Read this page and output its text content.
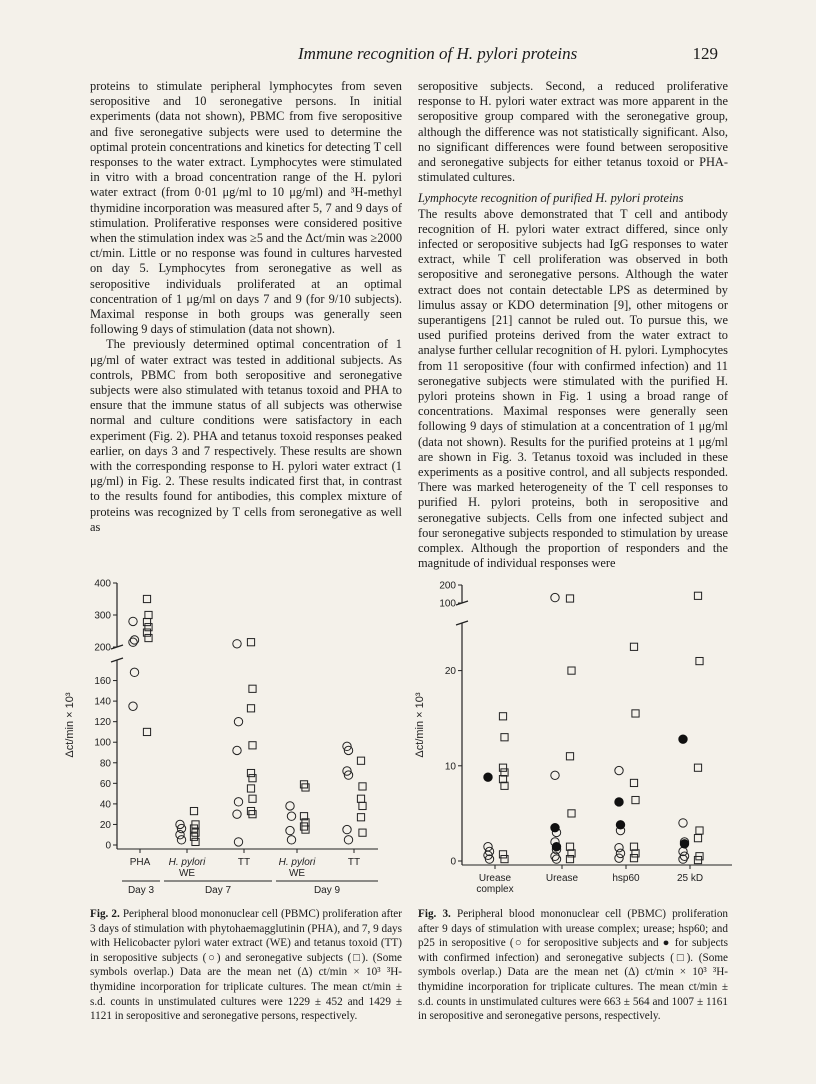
Immune recognition of H. pylori proteins	129

proteins to stimulate peripheral lymphocytes from seven seropositive and 10 seronegative persons. In initial experiments (data not shown), PBMC from five seropositive and five seronegative subjects were used to determine the optimal protein concentrations and kinetics for detecting T cell responses to the water extract. Lymphocytes were stimulated in vitro with a broad concentration range of the H. pylori water extract (from 0·01 μg/ml to 10 μg/ml) and ³H-methyl thymidine incorporation was measured after 5, 7 and 9 days of stimulation. Proliferative responses were considered positive when the stimulation index was ≥5 and the Δct/min was ≥2000 ct/min. Little or no response was found in cultures harvested on day 5. Lymphocytes from seronegative as well as seropositive individuals proliferated at an optimal concentration of 1 μg/ml on days 7 and 9 (for 9/10 subjects). Maximal response in both groups was generally seen following 9 days of stimulation (data not shown).

The previously determined optimal concentration of 1 μg/ml of water extract was tested in additional subjects. As controls, PBMC from both seropositive and seronegative subjects were also stimulated with tetanus toxoid and PHA to ensure that the immune status of all subjects was otherwise normal and culture conditions were satisfactory in each experiment (Fig. 2). PHA and tetanus toxoid responses peaked earlier, on days 3 and 7 respectively. These results are shown with the corresponding response to H. pylori water extract (1 μg/ml) in Fig. 2. These results indicated first that, in contrast to the results found for antibodies, this complex mixture of proteins was recognized by T cells from seronegative as well as

seropositive subjects. Second, a reduced proliferative response to H. pylori water extract was more apparent in the seropositive group compared with the seronegative group, although the difference was not statistically significant. Also, no significant differences were found between seropositive and seronegative subjects for either tetanus toxoid or PHA-stimulated cultures.

Lymphocyte recognition of purified H. pylori proteins

The results above demonstrated that T cell and antibody recognition of H. pylori water extract differed, since only infected or seropositive subjects had IgG responses to water extract, while T cell proliferation was observed in both seropositive and seronegative persons. Although the water extract does not contain detectable LPS as determined by limulus assay or KDO determination [9], other mitogens or superantigens [21] cannot be ruled out. To pursue this, we used purified proteins derived from the water extract to analyse further cellular recognition of H. pylori. Lymphocytes from 11 seropositive (four with confirmed infection) and 11 seronegative subjects were stimulated with the purified H. pylori proteins shown in Fig. 1 using a broad range of concentrations. Maximal responses were generally seen following 9 days of stimulation at a concentration of 1 μg/ml (data not shown). Results for the purified proteins at 1 μg/ml are shown in Fig. 3. Tetanus toxoid was included in these experiments as a positive control, and all subjects responded. There was marked heterogeneity of the T cell responses to purified H. pylori proteins, both in seropositive and seronegative subjects. Cells from one infected subject and four seronegative subjects responded to stimulation by urease complex. Although the proportion of responders and the magnitude of individual responses were

0
20
40
60
80
100
120
140
160
200
300
400
Δct/min × 10³
PHA H. pylori
WE
TT	H. pylori
WE
TT
Day 3	Day 7	Day 9
0
10
20
100
200
Δct/min × 10³
Urease
complex
Urease	hsp60	25 kD
Fig. 2. Peripheral blood mononuclear cell (PBMC) proliferation after 3 days of stimulation with phytohaemagglutinin (PHA), and 7, 9 days with Helicobacter pylori water extract (WE) and tetanus toxoid (TT) in seropositive subjects (○) and seronegative subjects (□). (Some symbols overlap.) Data are the mean net (Δ) ct/min × 10³ ³H-thymidine incorporation for triplicate cultures. The mean ct/min ± s.d. counts in unstimulated cultures were 1229 ± 452 and 1429 ± 1121 in seropositive and seronegative persons, respectively.
Fig. 3. Peripheral blood mononuclear cell (PBMC) proliferation after 9 days of stimulation with urease complex; urease; hsp60; and p25 in seropositive (○ for seropositive subjects and ● for subjects with confirmed infection) and seronegative subjects (□). (Some symbols overlap.) Data are the mean net (Δ) ct/min × 10³ ³H-thymidine incorporation for triplicate cultures. The mean ct/min ± s.d. counts in unstimulated cultures were 663 ± 564 and 1007 ± 1161 in seropositive and seronegative persons, respectively.
